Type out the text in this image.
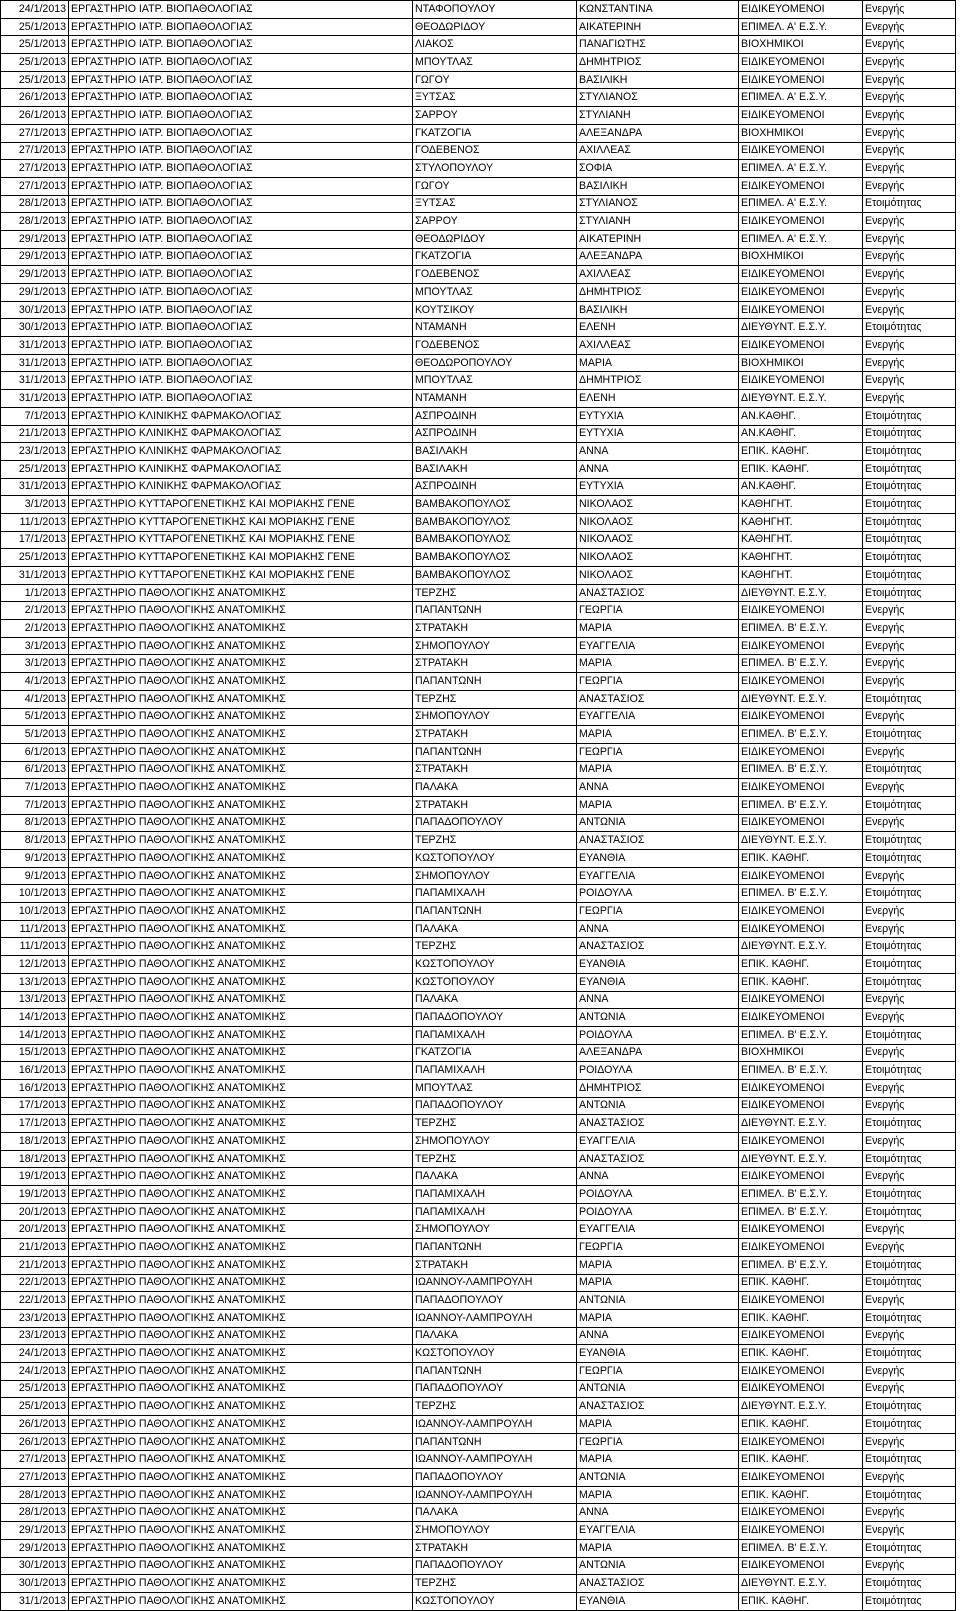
24/1/2013	ΕΡΓΑΣΤΗΡΙΟ ΙΑΤΡ. ΒΙΟΠΑΘΟΛΟΓΙΑΣ	ΝΤΑΦΟΠΟΥΛΟΥ	ΚΩΝΣΤΑΝΤΙΝΑ	ΕΙΔΙΚΕΥΟΜΕΝΟΙ	Ενεργής
25/1/2013	ΕΡΓΑΣΤΗΡΙΟ ΙΑΤΡ. ΒΙΟΠΑΘΟΛΟΓΙΑΣ	ΘΕΟΔΩΡΙΔΟΥ	ΑΙΚΑΤΕΡΙΝΗ	ΕΠΙΜΕΛ. Α' Ε.Σ.Υ.	Ενεργής
25/1/2013	ΕΡΓΑΣΤΗΡΙΟ ΙΑΤΡ. ΒΙΟΠΑΘΟΛΟΓΙΑΣ	ΛΙΑΚΟΣ	ΠΑΝΑΓΙΩΤΗΣ	ΒΙΟΧΗΜΙΚΟΙ	Ενεργής
25/1/2013	ΕΡΓΑΣΤΗΡΙΟ ΙΑΤΡ. ΒΙΟΠΑΘΟΛΟΓΙΑΣ	ΜΠΟΥΤΛΑΣ	ΔΗΜΗΤΡΙΟΣ	ΕΙΔΙΚΕΥΟΜΕΝΟΙ	Ενεργής
25/1/2013	ΕΡΓΑΣΤΗΡΙΟ ΙΑΤΡ. ΒΙΟΠΑΘΟΛΟΓΙΑΣ	ΓΩΓΟΥ	ΒΑΣΙΛΙΚΗ	ΕΙΔΙΚΕΥΟΜΕΝΟΙ	Ενεργής
26/1/2013	ΕΡΓΑΣΤΗΡΙΟ ΙΑΤΡ. ΒΙΟΠΑΘΟΛΟΓΙΑΣ	ΞΥΤΣΑΣ	ΣΤΥΛΙΑΝΟΣ	ΕΠΙΜΕΛ. Α' Ε.Σ.Υ.	Ενεργής
26/1/2013	ΕΡΓΑΣΤΗΡΙΟ ΙΑΤΡ. ΒΙΟΠΑΘΟΛΟΓΙΑΣ	ΣΑΡΡΟΥ	ΣΤΥΛΙΑΝΗ	ΕΙΔΙΚΕΥΟΜΕΝΟΙ	Ενεργής
27/1/2013	ΕΡΓΑΣΤΗΡΙΟ ΙΑΤΡ. ΒΙΟΠΑΘΟΛΟΓΙΑΣ	ΓΚΑΤΖΟΓΙΑ	ΑΛΕΞΑΝΔΡΑ	ΒΙΟΧΗΜΙΚΟΙ	Ενεργής
27/1/2013	ΕΡΓΑΣΤΗΡΙΟ ΙΑΤΡ. ΒΙΟΠΑΘΟΛΟΓΙΑΣ	ΓΟΔΕΒΕΝΟΣ	ΑΧΙΛΛΕΑΣ	ΕΙΔΙΚΕΥΟΜΕΝΟΙ	Ενεργής
27/1/2013	ΕΡΓΑΣΤΗΡΙΟ ΙΑΤΡ. ΒΙΟΠΑΘΟΛΟΓΙΑΣ	ΣΤΥΛΟΠΟΥΛΟΥ	ΣΟΦΙΑ	ΕΠΙΜΕΛ. Α' Ε.Σ.Υ.	Ενεργής
27/1/2013	ΕΡΓΑΣΤΗΡΙΟ ΙΑΤΡ. ΒΙΟΠΑΘΟΛΟΓΙΑΣ	ΓΩΓΟΥ	ΒΑΣΙΛΙΚΗ	ΕΙΔΙΚΕΥΟΜΕΝΟΙ	Ενεργής
28/1/2013	ΕΡΓΑΣΤΗΡΙΟ ΙΑΤΡ. ΒΙΟΠΑΘΟΛΟΓΙΑΣ	ΞΥΤΣΑΣ	ΣΤΥΛΙΑΝΟΣ	ΕΠΙΜΕΛ. Α' Ε.Σ.Υ.	Ετοιμότητας
28/1/2013	ΕΡΓΑΣΤΗΡΙΟ ΙΑΤΡ. ΒΙΟΠΑΘΟΛΟΓΙΑΣ	ΣΑΡΡΟΥ	ΣΤΥΛΙΑΝΗ	ΕΙΔΙΚΕΥΟΜΕΝΟΙ	Ενεργής
29/1/2013	ΕΡΓΑΣΤΗΡΙΟ ΙΑΤΡ. ΒΙΟΠΑΘΟΛΟΓΙΑΣ	ΘΕΟΔΩΡΙΔΟΥ	ΑΙΚΑΤΕΡΙΝΗ	ΕΠΙΜΕΛ. Α' Ε.Σ.Υ.	Ενεργής
29/1/2013	ΕΡΓΑΣΤΗΡΙΟ ΙΑΤΡ. ΒΙΟΠΑΘΟΛΟΓΙΑΣ	ΓΚΑΤΖΟΓΙΑ	ΑΛΕΞΑΝΔΡΑ	ΒΙΟΧΗΜΙΚΟΙ	Ενεργής
29/1/2013	ΕΡΓΑΣΤΗΡΙΟ ΙΑΤΡ. ΒΙΟΠΑΘΟΛΟΓΙΑΣ	ΓΟΔΕΒΕΝΟΣ	ΑΧΙΛΛΕΑΣ	ΕΙΔΙΚΕΥΟΜΕΝΟΙ	Ενεργής
29/1/2013	ΕΡΓΑΣΤΗΡΙΟ ΙΑΤΡ. ΒΙΟΠΑΘΟΛΟΓΙΑΣ	ΜΠΟΥΤΛΑΣ	ΔΗΜΗΤΡΙΟΣ	ΕΙΔΙΚΕΥΟΜΕΝΟΙ	Ενεργής
30/1/2013	ΕΡΓΑΣΤΗΡΙΟ ΙΑΤΡ. ΒΙΟΠΑΘΟΛΟΓΙΑΣ	ΚΟΥΤΣΙΚΟΥ	ΒΑΣΙΛΙΚΗ	ΕΙΔΙΚΕΥΟΜΕΝΟΙ	Ενεργής
30/1/2013	ΕΡΓΑΣΤΗΡΙΟ ΙΑΤΡ. ΒΙΟΠΑΘΟΛΟΓΙΑΣ	ΝΤΑΜΑΝΗ	ΕΛΕΝΗ	ΔΙΕΥΘΥΝΤ. Ε.Σ.Υ.	Ετοιμότητας
31/1/2013	ΕΡΓΑΣΤΗΡΙΟ ΙΑΤΡ. ΒΙΟΠΑΘΟΛΟΓΙΑΣ	ΓΟΔΕΒΕΝΟΣ	ΑΧΙΛΛΕΑΣ	ΕΙΔΙΚΕΥΟΜΕΝΟΙ	Ενεργής
31/1/2013	ΕΡΓΑΣΤΗΡΙΟ ΙΑΤΡ. ΒΙΟΠΑΘΟΛΟΓΙΑΣ	ΘΕΟΔΩΡΟΠΟΥΛΟΥ	ΜΑΡΙΑ	ΒΙΟΧΗΜΙΚΟΙ	Ενεργής
31/1/2013	ΕΡΓΑΣΤΗΡΙΟ ΙΑΤΡ. ΒΙΟΠΑΘΟΛΟΓΙΑΣ	ΜΠΟΥΤΛΑΣ	ΔΗΜΗΤΡΙΟΣ	ΕΙΔΙΚΕΥΟΜΕΝΟΙ	Ενεργής
31/1/2013	ΕΡΓΑΣΤΗΡΙΟ ΙΑΤΡ. ΒΙΟΠΑΘΟΛΟΓΙΑΣ	ΝΤΑΜΑΝΗ	ΕΛΕΝΗ	ΔΙΕΥΘΥΝΤ. Ε.Σ.Υ.	Ενεργής
7/1/2013	ΕΡΓΑΣΤΗΡΙΟ ΚΛΙΝΙΚΗΣ ΦΑΡΜΑΚΟΛΟΓΙΑΣ	ΑΣΠΡΟΔΙΝΗ	ΕΥΤΥΧΙΑ	ΑΝ.ΚΑΘΗΓ.	Ετοιμότητας
21/1/2013	ΕΡΓΑΣΤΗΡΙΟ ΚΛΙΝΙΚΗΣ ΦΑΡΜΑΚΟΛΟΓΙΑΣ	ΑΣΠΡΟΔΙΝΗ	ΕΥΤΥΧΙΑ	ΑΝ.ΚΑΘΗΓ.	Ετοιμότητας
23/1/2013	ΕΡΓΑΣΤΗΡΙΟ ΚΛΙΝΙΚΗΣ ΦΑΡΜΑΚΟΛΟΓΙΑΣ	ΒΑΣΙΛΑΚΗ	ΑΝΝΑ	ΕΠΙΚ. ΚΑΘΗΓ.	Ετοιμότητας
25/1/2013	ΕΡΓΑΣΤΗΡΙΟ ΚΛΙΝΙΚΗΣ ΦΑΡΜΑΚΟΛΟΓΙΑΣ	ΒΑΣΙΛΑΚΗ	ΑΝΝΑ	ΕΠΙΚ. ΚΑΘΗΓ.	Ετοιμότητας
31/1/2013	ΕΡΓΑΣΤΗΡΙΟ ΚΛΙΝΙΚΗΣ ΦΑΡΜΑΚΟΛΟΓΙΑΣ	ΑΣΠΡΟΔΙΝΗ	ΕΥΤΥΧΙΑ	ΑΝ.ΚΑΘΗΓ.	Ετοιμότητας
3/1/2013	ΕΡΓΑΣΤΗΡΙΟ ΚΥΤΤΑΡΟΓΕΝΕΤΙΚΗΣ ΚΑΙ ΜΟΡΙΑΚΗΣ ΓΕΝΕ	ΒΑΜΒΑΚΟΠΟΥΛΟΣ	ΝΙΚΟΛΑΟΣ	ΚΑΘΗΓΗΤ.	Ετοιμότητας
11/1/2013	ΕΡΓΑΣΤΗΡΙΟ ΚΥΤΤΑΡΟΓΕΝΕΤΙΚΗΣ ΚΑΙ ΜΟΡΙΑΚΗΣ ΓΕΝΕ	ΒΑΜΒΑΚΟΠΟΥΛΟΣ	ΝΙΚΟΛΑΟΣ	ΚΑΘΗΓΗΤ.	Ετοιμότητας
17/1/2013	ΕΡΓΑΣΤΗΡΙΟ ΚΥΤΤΑΡΟΓΕΝΕΤΙΚΗΣ ΚΑΙ ΜΟΡΙΑΚΗΣ ΓΕΝΕ	ΒΑΜΒΑΚΟΠΟΥΛΟΣ	ΝΙΚΟΛΑΟΣ	ΚΑΘΗΓΗΤ.	Ετοιμότητας
25/1/2013	ΕΡΓΑΣΤΗΡΙΟ ΚΥΤΤΑΡΟΓΕΝΕΤΙΚΗΣ ΚΑΙ ΜΟΡΙΑΚΗΣ ΓΕΝΕ	ΒΑΜΒΑΚΟΠΟΥΛΟΣ	ΝΙΚΟΛΑΟΣ	ΚΑΘΗΓΗΤ.	Ετοιμότητας
31/1/2013	ΕΡΓΑΣΤΗΡΙΟ ΚΥΤΤΑΡΟΓΕΝΕΤΙΚΗΣ ΚΑΙ ΜΟΡΙΑΚΗΣ ΓΕΝΕ	ΒΑΜΒΑΚΟΠΟΥΛΟΣ	ΝΙΚΟΛΑΟΣ	ΚΑΘΗΓΗΤ.	Ετοιμότητας
1/1/2013	ΕΡΓΑΣΤΗΡΙΟ ΠΑΘΟΛΟΓΙΚΗΣ ΑΝΑΤΟΜΙΚΗΣ	ΤΕΡΖΗΣ	ΑΝΑΣΤΑΣΙΟΣ	ΔΙΕΥΘΥΝΤ. Ε.Σ.Υ.	Ετοιμότητας
2/1/2013	ΕΡΓΑΣΤΗΡΙΟ ΠΑΘΟΛΟΓΙΚΗΣ ΑΝΑΤΟΜΙΚΗΣ	ΠΑΠΑΝΤΩΝΗ	ΓΕΩΡΓΙΑ	ΕΙΔΙΚΕΥΟΜΕΝΟΙ	Ενεργής
2/1/2013	ΕΡΓΑΣΤΗΡΙΟ ΠΑΘΟΛΟΓΙΚΗΣ ΑΝΑΤΟΜΙΚΗΣ	ΣΤΡΑΤΑΚΗ	ΜΑΡΙΑ	ΕΠΙΜΕΛ. Β' Ε.Σ.Υ.	Ενεργής
3/1/2013	ΕΡΓΑΣΤΗΡΙΟ ΠΑΘΟΛΟΓΙΚΗΣ ΑΝΑΤΟΜΙΚΗΣ	ΣΗΜΟΠΟΥΛΟΥ	ΕΥΑΓΓΕΛΙΑ	ΕΙΔΙΚΕΥΟΜΕΝΟΙ	Ενεργής
3/1/2013	ΕΡΓΑΣΤΗΡΙΟ ΠΑΘΟΛΟΓΙΚΗΣ ΑΝΑΤΟΜΙΚΗΣ	ΣΤΡΑΤΑΚΗ	ΜΑΡΙΑ	ΕΠΙΜΕΛ. Β' Ε.Σ.Υ.	Ενεργής
4/1/2013	ΕΡΓΑΣΤΗΡΙΟ ΠΑΘΟΛΟΓΙΚΗΣ ΑΝΑΤΟΜΙΚΗΣ	ΠΑΠΑΝΤΩΝΗ	ΓΕΩΡΓΙΑ	ΕΙΔΙΚΕΥΟΜΕΝΟΙ	Ενεργής
4/1/2013	ΕΡΓΑΣΤΗΡΙΟ ΠΑΘΟΛΟΓΙΚΗΣ ΑΝΑΤΟΜΙΚΗΣ	ΤΕΡΖΗΣ	ΑΝΑΣΤΑΣΙΟΣ	ΔΙΕΥΘΥΝΤ. Ε.Σ.Υ.	Ετοιμότητας
5/1/2013	ΕΡΓΑΣΤΗΡΙΟ ΠΑΘΟΛΟΓΙΚΗΣ ΑΝΑΤΟΜΙΚΗΣ	ΣΗΜΟΠΟΥΛΟΥ	ΕΥΑΓΓΕΛΙΑ	ΕΙΔΙΚΕΥΟΜΕΝΟΙ	Ενεργής
5/1/2013	ΕΡΓΑΣΤΗΡΙΟ ΠΑΘΟΛΟΓΙΚΗΣ ΑΝΑΤΟΜΙΚΗΣ	ΣΤΡΑΤΑΚΗ	ΜΑΡΙΑ	ΕΠΙΜΕΛ. Β' Ε.Σ.Υ.	Ετοιμότητας
6/1/2013	ΕΡΓΑΣΤΗΡΙΟ ΠΑΘΟΛΟΓΙΚΗΣ ΑΝΑΤΟΜΙΚΗΣ	ΠΑΠΑΝΤΩΝΗ	ΓΕΩΡΓΙΑ	ΕΙΔΙΚΕΥΟΜΕΝΟΙ	Ενεργής
6/1/2013	ΕΡΓΑΣΤΗΡΙΟ ΠΑΘΟΛΟΓΙΚΗΣ ΑΝΑΤΟΜΙΚΗΣ	ΣΤΡΑΤΑΚΗ	ΜΑΡΙΑ	ΕΠΙΜΕΛ. Β' Ε.Σ.Υ.	Ετοιμότητας
7/1/2013	ΕΡΓΑΣΤΗΡΙΟ ΠΑΘΟΛΟΓΙΚΗΣ ΑΝΑΤΟΜΙΚΗΣ	ΠΑΛΑΚΑ	ΑΝΝΑ	ΕΙΔΙΚΕΥΟΜΕΝΟΙ	Ενεργής
7/1/2013	ΕΡΓΑΣΤΗΡΙΟ ΠΑΘΟΛΟΓΙΚΗΣ ΑΝΑΤΟΜΙΚΗΣ	ΣΤΡΑΤΑΚΗ	ΜΑΡΙΑ	ΕΠΙΜΕΛ. Β' Ε.Σ.Υ.	Ετοιμότητας
8/1/2013	ΕΡΓΑΣΤΗΡΙΟ ΠΑΘΟΛΟΓΙΚΗΣ ΑΝΑΤΟΜΙΚΗΣ	ΠΑΠΑΔΟΠΟΥΛΟΥ	ΑΝΤΩΝΙΑ	ΕΙΔΙΚΕΥΟΜΕΝΟΙ	Ενεργής
8/1/2013	ΕΡΓΑΣΤΗΡΙΟ ΠΑΘΟΛΟΓΙΚΗΣ ΑΝΑΤΟΜΙΚΗΣ	ΤΕΡΖΗΣ	ΑΝΑΣΤΑΣΙΟΣ	ΔΙΕΥΘΥΝΤ. Ε.Σ.Υ.	Ετοιμότητας
9/1/2013	ΕΡΓΑΣΤΗΡΙΟ ΠΑΘΟΛΟΓΙΚΗΣ ΑΝΑΤΟΜΙΚΗΣ	ΚΩΣΤΟΠΟΥΛΟΥ	ΕΥΑΝΘΙΑ	ΕΠΙΚ. ΚΑΘΗΓ.	Ετοιμότητας
9/1/2013	ΕΡΓΑΣΤΗΡΙΟ ΠΑΘΟΛΟΓΙΚΗΣ ΑΝΑΤΟΜΙΚΗΣ	ΣΗΜΟΠΟΥΛΟΥ	ΕΥΑΓΓΕΛΙΑ	ΕΙΔΙΚΕΥΟΜΕΝΟΙ	Ενεργής
10/1/2013	ΕΡΓΑΣΤΗΡΙΟ ΠΑΘΟΛΟΓΙΚΗΣ ΑΝΑΤΟΜΙΚΗΣ	ΠΑΠΑΜΙΧΑΛΗ	ΡΟΙΔΟΥΛΑ	ΕΠΙΜΕΛ. Β' Ε.Σ.Υ.	Ετοιμότητας
10/1/2013	ΕΡΓΑΣΤΗΡΙΟ ΠΑΘΟΛΟΓΙΚΗΣ ΑΝΑΤΟΜΙΚΗΣ	ΠΑΠΑΝΤΩΝΗ	ΓΕΩΡΓΙΑ	ΕΙΔΙΚΕΥΟΜΕΝΟΙ	Ενεργής
11/1/2013	ΕΡΓΑΣΤΗΡΙΟ ΠΑΘΟΛΟΓΙΚΗΣ ΑΝΑΤΟΜΙΚΗΣ	ΠΑΛΑΚΑ	ΑΝΝΑ	ΕΙΔΙΚΕΥΟΜΕΝΟΙ	Ενεργής
11/1/2013	ΕΡΓΑΣΤΗΡΙΟ ΠΑΘΟΛΟΓΙΚΗΣ ΑΝΑΤΟΜΙΚΗΣ	ΤΕΡΖΗΣ	ΑΝΑΣΤΑΣΙΟΣ	ΔΙΕΥΘΥΝΤ. Ε.Σ.Υ.	Ετοιμότητας
12/1/2013	ΕΡΓΑΣΤΗΡΙΟ ΠΑΘΟΛΟΓΙΚΗΣ ΑΝΑΤΟΜΙΚΗΣ	ΚΩΣΤΟΠΟΥΛΟΥ	ΕΥΑΝΘΙΑ	ΕΠΙΚ. ΚΑΘΗΓ.	Ετοιμότητας
13/1/2013	ΕΡΓΑΣΤΗΡΙΟ ΠΑΘΟΛΟΓΙΚΗΣ ΑΝΑΤΟΜΙΚΗΣ	ΚΩΣΤΟΠΟΥΛΟΥ	ΕΥΑΝΘΙΑ	ΕΠΙΚ. ΚΑΘΗΓ.	Ετοιμότητας
13/1/2013	ΕΡΓΑΣΤΗΡΙΟ ΠΑΘΟΛΟΓΙΚΗΣ ΑΝΑΤΟΜΙΚΗΣ	ΠΑΛΑΚΑ	ΑΝΝΑ	ΕΙΔΙΚΕΥΟΜΕΝΟΙ	Ενεργής
14/1/2013	ΕΡΓΑΣΤΗΡΙΟ ΠΑΘΟΛΟΓΙΚΗΣ ΑΝΑΤΟΜΙΚΗΣ	ΠΑΠΑΔΟΠΟΥΛΟΥ	ΑΝΤΩΝΙΑ	ΕΙΔΙΚΕΥΟΜΕΝΟΙ	Ενεργής
14/1/2013	ΕΡΓΑΣΤΗΡΙΟ ΠΑΘΟΛΟΓΙΚΗΣ ΑΝΑΤΟΜΙΚΗΣ	ΠΑΠΑΜΙΧΑΛΗ	ΡΟΙΔΟΥΛΑ	ΕΠΙΜΕΛ. Β' Ε.Σ.Υ.	Ετοιμότητας
15/1/2013	ΕΡΓΑΣΤΗΡΙΟ ΠΑΘΟΛΟΓΙΚΗΣ ΑΝΑΤΟΜΙΚΗΣ	ΓΚΑΤΖΟΓΙΑ	ΑΛΕΞΑΝΔΡΑ	ΒΙΟΧΗΜΙΚΟΙ	Ενεργής
16/1/2013	ΕΡΓΑΣΤΗΡΙΟ ΠΑΘΟΛΟΓΙΚΗΣ ΑΝΑΤΟΜΙΚΗΣ	ΠΑΠΑΜΙΧΑΛΗ	ΡΟΙΔΟΥΛΑ	ΕΠΙΜΕΛ. Β' Ε.Σ.Υ.	Ετοιμότητας
16/1/2013	ΕΡΓΑΣΤΗΡΙΟ ΠΑΘΟΛΟΓΙΚΗΣ ΑΝΑΤΟΜΙΚΗΣ	ΜΠΟΥΤΛΑΣ	ΔΗΜΗΤΡΙΟΣ	ΕΙΔΙΚΕΥΟΜΕΝΟΙ	Ενεργής
17/1/2013	ΕΡΓΑΣΤΗΡΙΟ ΠΑΘΟΛΟΓΙΚΗΣ ΑΝΑΤΟΜΙΚΗΣ	ΠΑΠΑΔΟΠΟΥΛΟΥ	ΑΝΤΩΝΙΑ	ΕΙΔΙΚΕΥΟΜΕΝΟΙ	Ενεργής
17/1/2013	ΕΡΓΑΣΤΗΡΙΟ ΠΑΘΟΛΟΓΙΚΗΣ ΑΝΑΤΟΜΙΚΗΣ	ΤΕΡΖΗΣ	ΑΝΑΣΤΑΣΙΟΣ	ΔΙΕΥΘΥΝΤ. Ε.Σ.Υ.	Ετοιμότητας
18/1/2013	ΕΡΓΑΣΤΗΡΙΟ ΠΑΘΟΛΟΓΙΚΗΣ ΑΝΑΤΟΜΙΚΗΣ	ΣΗΜΟΠΟΥΛΟΥ	ΕΥΑΓΓΕΛΙΑ	ΕΙΔΙΚΕΥΟΜΕΝΟΙ	Ενεργής
18/1/2013	ΕΡΓΑΣΤΗΡΙΟ ΠΑΘΟΛΟΓΙΚΗΣ ΑΝΑΤΟΜΙΚΗΣ	ΤΕΡΖΗΣ	ΑΝΑΣΤΑΣΙΟΣ	ΔΙΕΥΘΥΝΤ. Ε.Σ.Υ.	Ετοιμότητας
19/1/2013	ΕΡΓΑΣΤΗΡΙΟ ΠΑΘΟΛΟΓΙΚΗΣ ΑΝΑΤΟΜΙΚΗΣ	ΠΑΛΑΚΑ	ΑΝΝΑ	ΕΙΔΙΚΕΥΟΜΕΝΟΙ	Ενεργής
19/1/2013	ΕΡΓΑΣΤΗΡΙΟ ΠΑΘΟΛΟΓΙΚΗΣ ΑΝΑΤΟΜΙΚΗΣ	ΠΑΠΑΜΙΧΑΛΗ	ΡΟΙΔΟΥΛΑ	ΕΠΙΜΕΛ. Β' Ε.Σ.Υ.	Ετοιμότητας
20/1/2013	ΕΡΓΑΣΤΗΡΙΟ ΠΑΘΟΛΟΓΙΚΗΣ ΑΝΑΤΟΜΙΚΗΣ	ΠΑΠΑΜΙΧΑΛΗ	ΡΟΙΔΟΥΛΑ	ΕΠΙΜΕΛ. Β' Ε.Σ.Υ.	Ετοιμότητας
20/1/2013	ΕΡΓΑΣΤΗΡΙΟ ΠΑΘΟΛΟΓΙΚΗΣ ΑΝΑΤΟΜΙΚΗΣ	ΣΗΜΟΠΟΥΛΟΥ	ΕΥΑΓΓΕΛΙΑ	ΕΙΔΙΚΕΥΟΜΕΝΟΙ	Ενεργής
21/1/2013	ΕΡΓΑΣΤΗΡΙΟ ΠΑΘΟΛΟΓΙΚΗΣ ΑΝΑΤΟΜΙΚΗΣ	ΠΑΠΑΝΤΩΝΗ	ΓΕΩΡΓΙΑ	ΕΙΔΙΚΕΥΟΜΕΝΟΙ	Ενεργής
21/1/2013	ΕΡΓΑΣΤΗΡΙΟ ΠΑΘΟΛΟΓΙΚΗΣ ΑΝΑΤΟΜΙΚΗΣ	ΣΤΡΑΤΑΚΗ	ΜΑΡΙΑ	ΕΠΙΜΕΛ. Β' Ε.Σ.Υ.	Ετοιμότητας
22/1/2013	ΕΡΓΑΣΤΗΡΙΟ ΠΑΘΟΛΟΓΙΚΗΣ ΑΝΑΤΟΜΙΚΗΣ	ΙΩΑΝΝΟΥ-ΛΑΜΠΡΟΥΛΗ	ΜΑΡΙΑ	ΕΠΙΚ. ΚΑΘΗΓ.	Ετοιμότητας
22/1/2013	ΕΡΓΑΣΤΗΡΙΟ ΠΑΘΟΛΟΓΙΚΗΣ ΑΝΑΤΟΜΙΚΗΣ	ΠΑΠΑΔΟΠΟΥΛΟΥ	ΑΝΤΩΝΙΑ	ΕΙΔΙΚΕΥΟΜΕΝΟΙ	Ενεργής
23/1/2013	ΕΡΓΑΣΤΗΡΙΟ ΠΑΘΟΛΟΓΙΚΗΣ ΑΝΑΤΟΜΙΚΗΣ	ΙΩΑΝΝΟΥ-ΛΑΜΠΡΟΥΛΗ	ΜΑΡΙΑ	ΕΠΙΚ. ΚΑΘΗΓ.	Ετοιμότητας
23/1/2013	ΕΡΓΑΣΤΗΡΙΟ ΠΑΘΟΛΟΓΙΚΗΣ ΑΝΑΤΟΜΙΚΗΣ	ΠΑΛΑΚΑ	ΑΝΝΑ	ΕΙΔΙΚΕΥΟΜΕΝΟΙ	Ενεργής
24/1/2013	ΕΡΓΑΣΤΗΡΙΟ ΠΑΘΟΛΟΓΙΚΗΣ ΑΝΑΤΟΜΙΚΗΣ	ΚΩΣΤΟΠΟΥΛΟΥ	ΕΥΑΝΘΙΑ	ΕΠΙΚ. ΚΑΘΗΓ.	Ετοιμότητας
24/1/2013	ΕΡΓΑΣΤΗΡΙΟ ΠΑΘΟΛΟΓΙΚΗΣ ΑΝΑΤΟΜΙΚΗΣ	ΠΑΠΑΝΤΩΝΗ	ΓΕΩΡΓΙΑ	ΕΙΔΙΚΕΥΟΜΕΝΟΙ	Ενεργής
25/1/2013	ΕΡΓΑΣΤΗΡΙΟ ΠΑΘΟΛΟΓΙΚΗΣ ΑΝΑΤΟΜΙΚΗΣ	ΠΑΠΑΔΟΠΟΥΛΟΥ	ΑΝΤΩΝΙΑ	ΕΙΔΙΚΕΥΟΜΕΝΟΙ	Ενεργής
25/1/2013	ΕΡΓΑΣΤΗΡΙΟ ΠΑΘΟΛΟΓΙΚΗΣ ΑΝΑΤΟΜΙΚΗΣ	ΤΕΡΖΗΣ	ΑΝΑΣΤΑΣΙΟΣ	ΔΙΕΥΘΥΝΤ. Ε.Σ.Υ.	Ετοιμότητας
26/1/2013	ΕΡΓΑΣΤΗΡΙΟ ΠΑΘΟΛΟΓΙΚΗΣ ΑΝΑΤΟΜΙΚΗΣ	ΙΩΑΝΝΟΥ-ΛΑΜΠΡΟΥΛΗ	ΜΑΡΙΑ	ΕΠΙΚ. ΚΑΘΗΓ.	Ετοιμότητας
26/1/2013	ΕΡΓΑΣΤΗΡΙΟ ΠΑΘΟΛΟΓΙΚΗΣ ΑΝΑΤΟΜΙΚΗΣ	ΠΑΠΑΝΤΩΝΗ	ΓΕΩΡΓΙΑ	ΕΙΔΙΚΕΥΟΜΕΝΟΙ	Ενεργής
27/1/2013	ΕΡΓΑΣΤΗΡΙΟ ΠΑΘΟΛΟΓΙΚΗΣ ΑΝΑΤΟΜΙΚΗΣ	ΙΩΑΝΝΟΥ-ΛΑΜΠΡΟΥΛΗ	ΜΑΡΙΑ	ΕΠΙΚ. ΚΑΘΗΓ.	Ετοιμότητας
27/1/2013	ΕΡΓΑΣΤΗΡΙΟ ΠΑΘΟΛΟΓΙΚΗΣ ΑΝΑΤΟΜΙΚΗΣ	ΠΑΠΑΔΟΠΟΥΛΟΥ	ΑΝΤΩΝΙΑ	ΕΙΔΙΚΕΥΟΜΕΝΟΙ	Ενεργής
28/1/2013	ΕΡΓΑΣΤΗΡΙΟ ΠΑΘΟΛΟΓΙΚΗΣ ΑΝΑΤΟΜΙΚΗΣ	ΙΩΑΝΝΟΥ-ΛΑΜΠΡΟΥΛΗ	ΜΑΡΙΑ	ΕΠΙΚ. ΚΑΘΗΓ.	Ετοιμότητας
28/1/2013	ΕΡΓΑΣΤΗΡΙΟ ΠΑΘΟΛΟΓΙΚΗΣ ΑΝΑΤΟΜΙΚΗΣ	ΠΑΛΑΚΑ	ΑΝΝΑ	ΕΙΔΙΚΕΥΟΜΕΝΟΙ	Ενεργής
29/1/2013	ΕΡΓΑΣΤΗΡΙΟ ΠΑΘΟΛΟΓΙΚΗΣ ΑΝΑΤΟΜΙΚΗΣ	ΣΗΜΟΠΟΥΛΟΥ	ΕΥΑΓΓΕΛΙΑ	ΕΙΔΙΚΕΥΟΜΕΝΟΙ	Ενεργής
29/1/2013	ΕΡΓΑΣΤΗΡΙΟ ΠΑΘΟΛΟΓΙΚΗΣ ΑΝΑΤΟΜΙΚΗΣ	ΣΤΡΑΤΑΚΗ	ΜΑΡΙΑ	ΕΠΙΜΕΛ. Β' Ε.Σ.Υ.	Ετοιμότητας
30/1/2013	ΕΡΓΑΣΤΗΡΙΟ ΠΑΘΟΛΟΓΙΚΗΣ ΑΝΑΤΟΜΙΚΗΣ	ΠΑΠΑΔΟΠΟΥΛΟΥ	ΑΝΤΩΝΙΑ	ΕΙΔΙΚΕΥΟΜΕΝΟΙ	Ενεργής
30/1/2013	ΕΡΓΑΣΤΗΡΙΟ ΠΑΘΟΛΟΓΙΚΗΣ ΑΝΑΤΟΜΙΚΗΣ	ΤΕΡΖΗΣ	ΑΝΑΣΤΑΣΙΟΣ	ΔΙΕΥΘΥΝΤ. Ε.Σ.Υ.	Ετοιμότητας
31/1/2013	ΕΡΓΑΣΤΗΡΙΟ ΠΑΘΟΛΟΓΙΚΗΣ ΑΝΑΤΟΜΙΚΗΣ	ΚΩΣΤΟΠΟΥΛΟΥ	ΕΥΑΝΘΙΑ	ΕΠΙΚ. ΚΑΘΗΓ.	Ετοιμότητας
